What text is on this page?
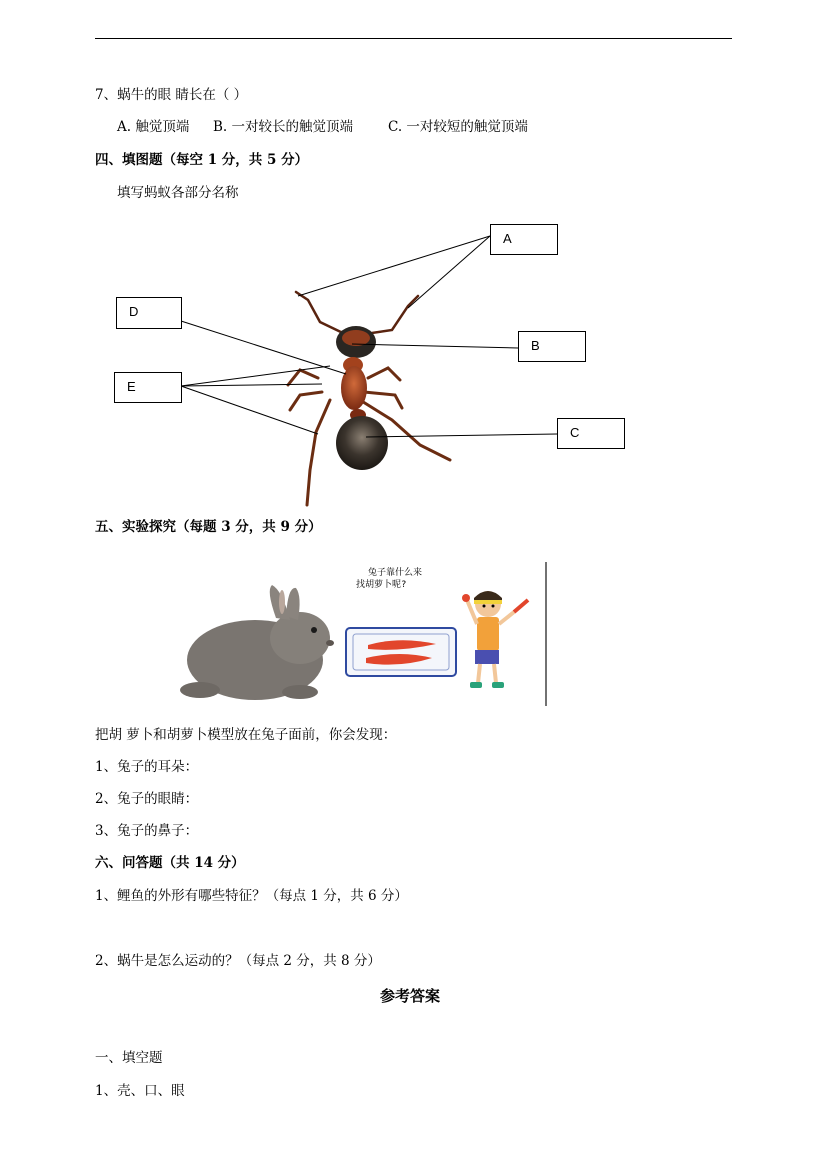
7、蜗牛的眼 睛长在（ ）
A. 触觉顶端 B. 一对较长的触觉顶端	C. 一对较短的触觉顶端
四、填图题（每空 1 分，共 5 分）
填写蚂蚁各部分名称
A
B
C
D
E
五、实验探究（每题 3 分，共 9 分）
兔子靠什么来
找胡萝卜呢?
把胡 萝卜和胡萝卜模型放在兔子面前，你会发现：
1、兔子的耳朵：
2、兔子的眼睛：
3、兔子的鼻子：
六、问答题（共 14 分）
1、鲤鱼的外形有哪些特征？（每点 1 分，共 6 分）
2、蜗牛是怎么运动的？（每点 2 分，共 8 分）
参考答案
一、填空题
1、壳、口、眼
